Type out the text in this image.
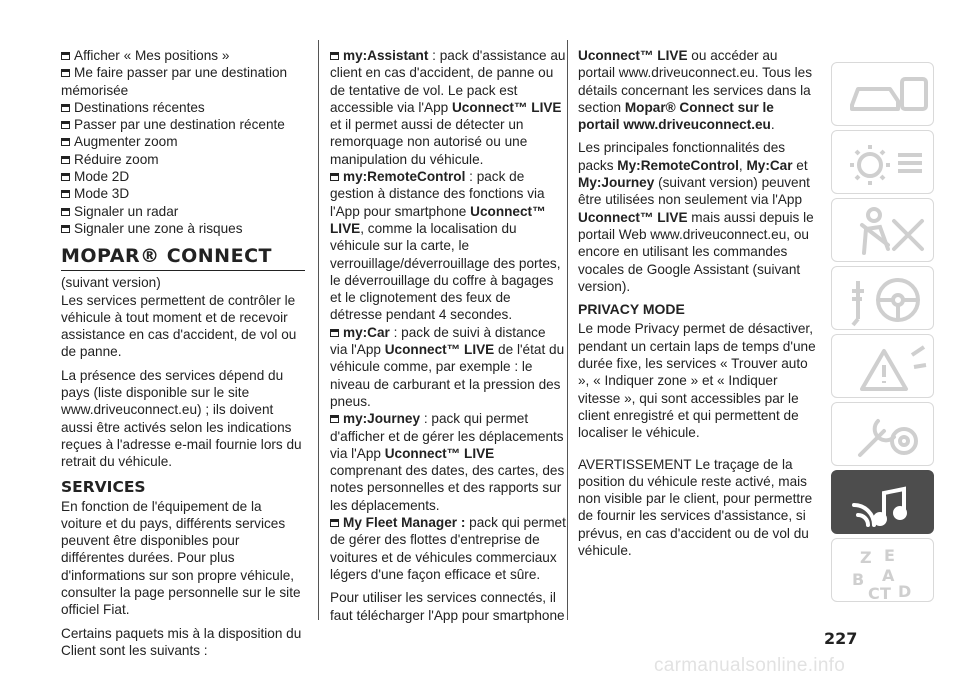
Afficher « Mes positions »
Me faire passer par une destination mémorisée
Destinations récentes
Passer par une destination récente
Augmenter zoom
Réduire zoom
Mode 2D
Mode 3D
Signaler un radar
Signaler une zone à risques
MOPAR® CONNECT

(suivant version)

Les services permettent de contrôler le véhicule à tout moment et de recevoir assistance en cas d'accident, de vol ou de panne.

La présence des services dépend du pays (liste disponible sur le site www.driveuconnect.eu) ; ils doivent aussi être activés selon les indications reçues à l'adresse e-mail fournie lors du retrait du véhicule.

SERVICES

En fonction de l'équipement de la voiture et du pays, différents services peuvent être disponibles pour différentes durées. Pour plus d'informations sur son propre véhicule, consulter la page personnelle sur le site officiel Fiat.

Certains paquets mis à la disposition du Client sont les suivants :

my:Assistant : pack d'assistance au client en cas d'accident, de panne ou de tentative de vol. Le pack est accessible via l'App Uconnect™ LIVE et il permet aussi de détecter un remorquage non autorisé ou une manipulation du véhicule.

my:RemoteControl : pack de gestion à distance des fonctions via l'App pour smartphone Uconnect™ LIVE, comme la localisation du véhicule sur la carte, le verrouillage/déverrouillage des portes, le déverrouillage du coffre à bagages et le clignotement des feux de détresse pendant 4 secondes.

my:Car : pack de suivi à distance via l'App Uconnect™ LIVE de l'état du véhicule comme, par exemple : le niveau de carburant et la pression des pneus.

my:Journey : pack qui permet d'afficher et de gérer les déplacements via l'App Uconnect™ LIVE comprenant des dates, des cartes, des notes personnelles et des rapports sur les déplacements.

My Fleet Manager : pack qui permet de gérer des flottes d'entreprise de voitures et de véhicules commerciaux légers d'une façon efficace et sûre.

Pour utiliser les services connectés, il faut télécharger l'App pour smartphone

Uconnect™ LIVE ou accéder au portail www.driveuconnect.eu. Tous les détails concernant les services dans la section Mopar® Connect sur le portail www.driveuconnect.eu.

Les principales fonctionnalités des packs My:RemoteControl, My:Car et My:Journey (suivant version) peuvent être utilisées non seulement via l'App Uconnect™ LIVE mais aussi depuis le portail Web www.driveuconnect.eu, ou encore en utilisant les commandes vocales de Google Assistant (suivant version).

PRIVACY MODE

Le mode Privacy permet de désactiver, pendant un certain laps de temps d'une durée fixe, les services « Trouver auto », « Indiquer zone » et « Indiquer vitesse », qui sont accessibles par le client enregistré et qui permettent de localiser le véhicule.

AVERTISSEMENT Le traçage de la position du véhicule reste activé, mais non visible par le client, pour permettre de fournir les services d'assistance, si prévus, en cas d'accident ou de vol du véhicule.	Z E
B A
C D
T
227
carmanualsonline.info
